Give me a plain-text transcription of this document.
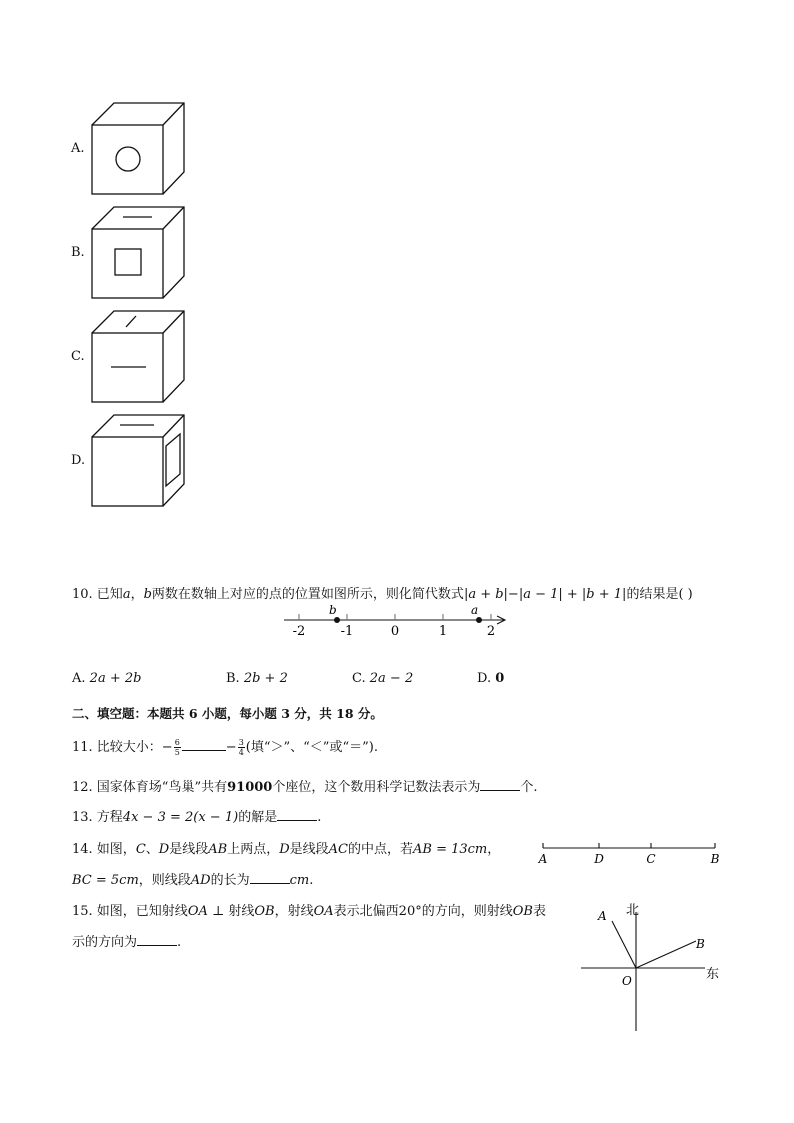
A.
B.
C.
D.
10. 已知a，b两数在数轴上对应的点的位置如图所示，则化简代数式|a + b|−|a − 1| + |b + 1|的结果是( )
-2	-1	0	1	2
b	a
A. 2a + 2b	B. 2b + 2	C. 2a − 2	D. 0
二、填空题：本题共 6 小题，每小题 3 分，共 18 分。
11. 比较大小：− $\frac{6}{5}$	− $\frac{3}{4}$ (填“＞”、“＜”或“＝”).
12. 国家体育场“鸟巢”共有91000个座位，这个数用科学记数法表示为	个.
13. 方程4x − 3 = 2(x − 1)的解是	.
14. 如图，C、D是线段AB上两点，D是线段AC的中点，若AB = 13cm，
BC = 5cm，则线段AD的长为	cm.
A	D	C	B
15. 如图，已知射线OA ⊥ 射线OB，射线OA表示北偏西20°的方向，则射线OB表
示的方向为	.
北
东
A
B
O
